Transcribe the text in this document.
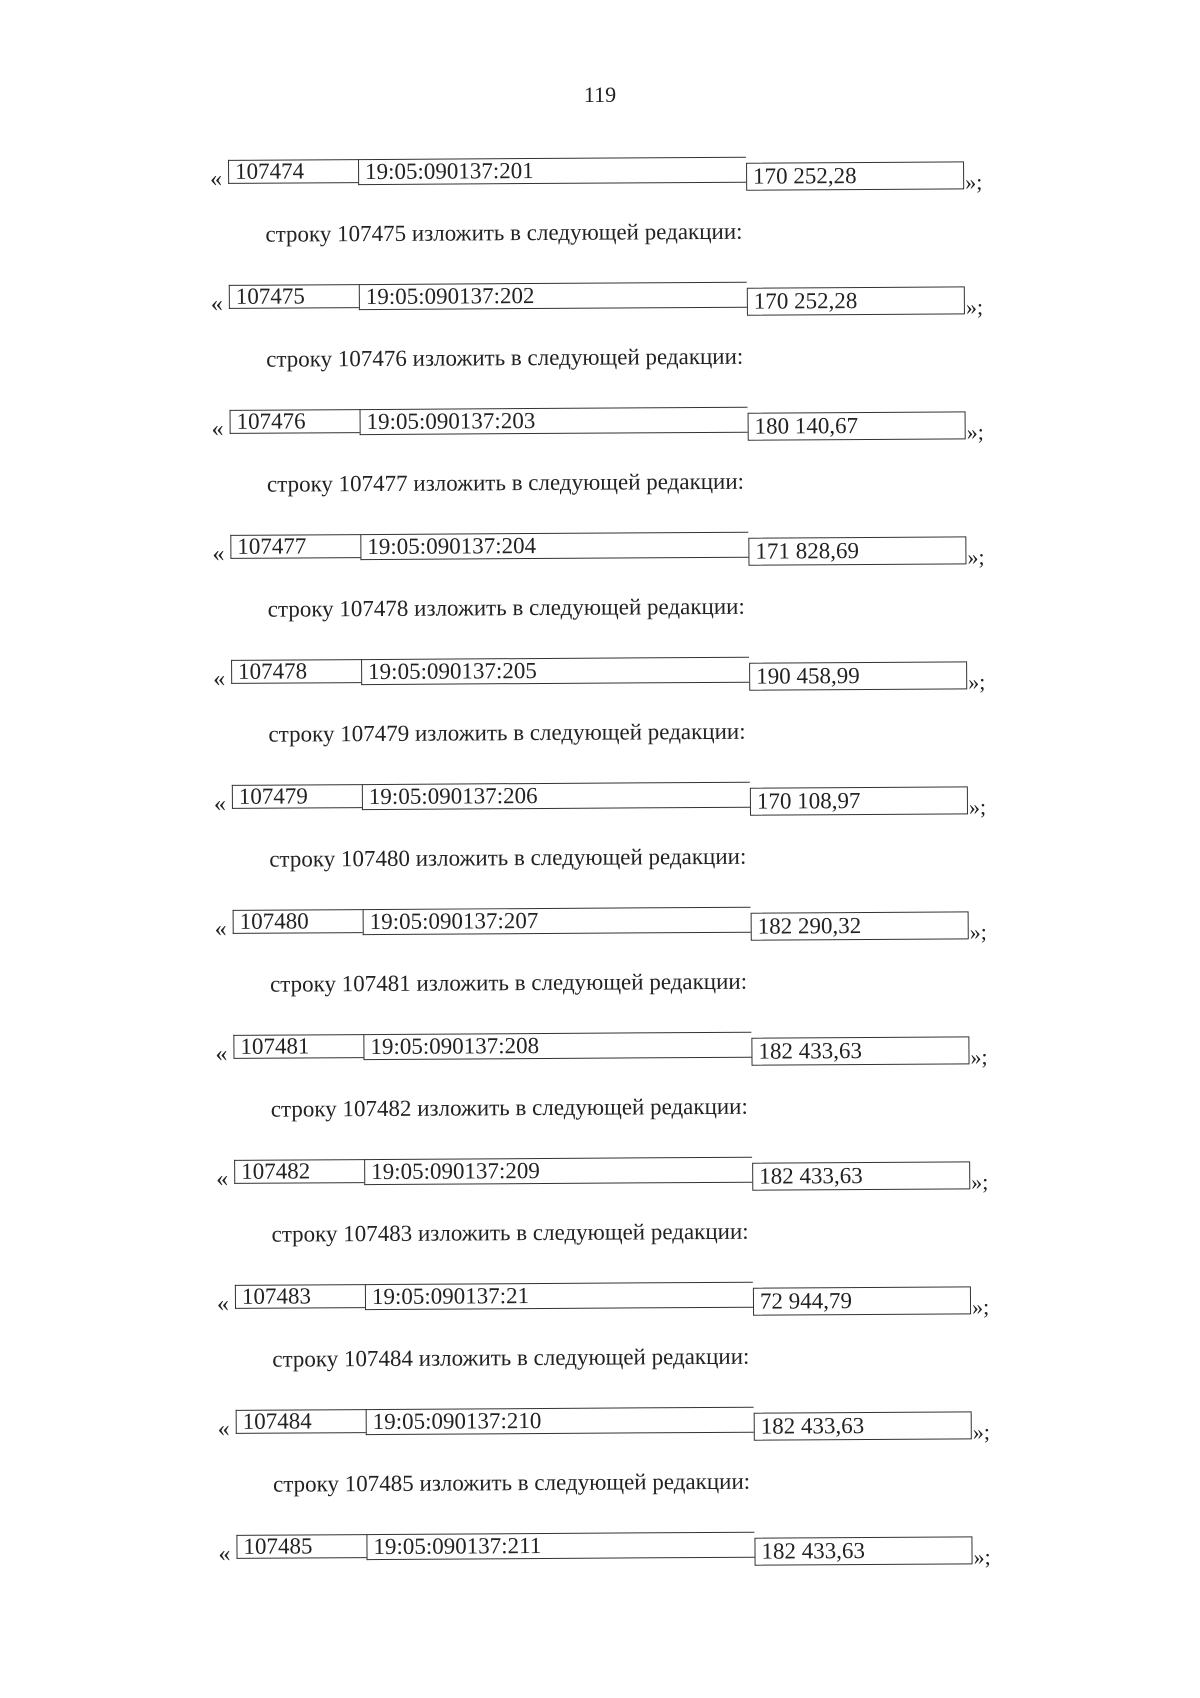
119
« 107474	19:05:090137:201	170 252,28	»;
строку 107475 изложить в следующей редакции:
« 107475	19:05:090137:202	170 252,28	»;
строку 107476 изложить в следующей редакции:
« 107476	19:05:090137:203	180 140,67	»;
строку 107477 изложить в следующей редакции:
« 107477	19:05:090137:204	171 828,69	»;
строку 107478 изложить в следующей редакции:
« 107478	19:05:090137:205	190 458,99	»;
строку 107479 изложить в следующей редакции:
« 107479	19:05:090137:206	170 108,97	»;
строку 107480 изложить в следующей редакции:
« 107480	19:05:090137:207	182 290,32	»;
строку 107481 изложить в следующей редакции:
« 107481	19:05:090137:208	182 433,63	»;
строку 107482 изложить в следующей редакции:
« 107482	19:05:090137:209	182 433,63	»;
строку 107483 изложить в следующей редакции:
« 107483	19:05:090137:21	72 944,79	»;
строку 107484 изложить в следующей редакции:
« 107484	19:05:090137:210	182 433,63	»;
строку 107485 изложить в следующей редакции:
« 107485	19:05:090137:211	182 433,63	»;
